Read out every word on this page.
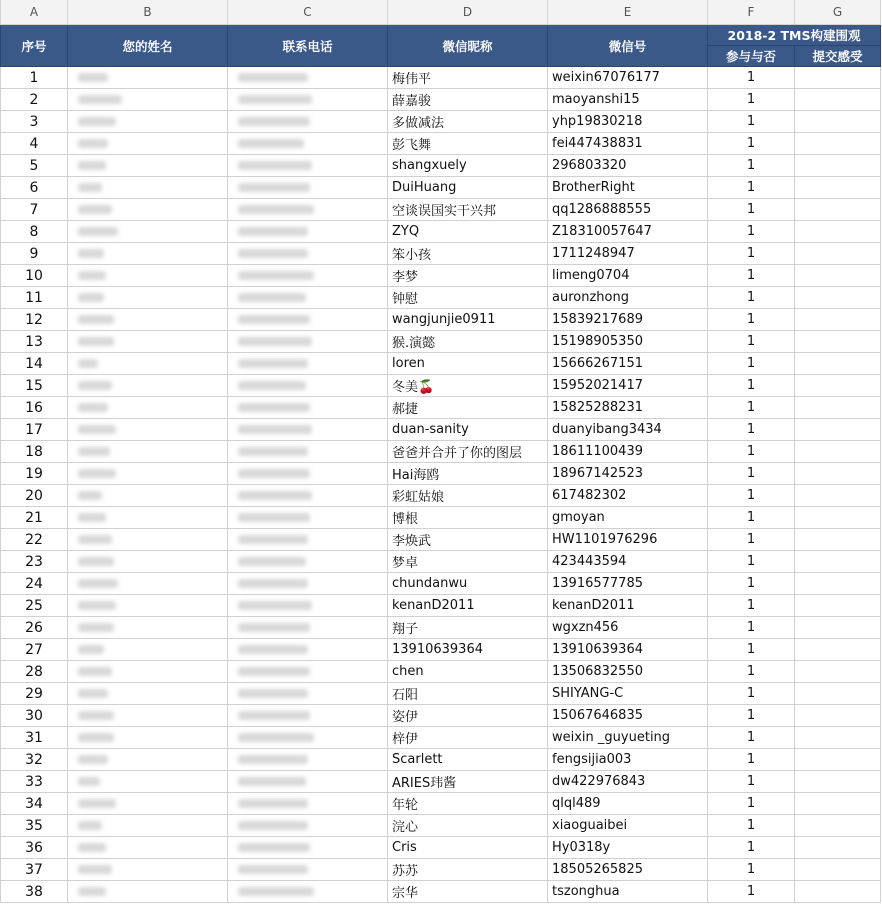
A	B	C	D	E	F	G
序号	您的姓名	联系电话	微信昵称	微信号	2018-2 TMS构建围观	
					参与与否	提交感受
1			梅伟平	weixin67076177	1	
2			薛嘉骏	maoyanshi15	1	
3			多做减法	yhp19830218	1	
4			彭飞舞	fei447438831	1	
5			shangxuely	296803320	1	
6			DuiHuang	BrotherRight	1	
7			空谈误国实干兴邦	qq1286888555	1	
8			ZYQ	Z18310057647	1	
9			笨小孩	1711248947	1	
10			李梦	limeng0704	1	
11			钟慰	auronzhong	1	
12			wangjunjie0911	15839217689	1	
13			猴.演懿	15198905350	1	
14			loren	15666267151	1	
15			冬美🍒	15952021417	1	
16			郝捷	15825288231	1	
17			duan-sanity	duanyibang3434	1	
18			爸爸并合并了你的图层	18611100439	1	
19			Hai海鸥	18967142523	1	
20			彩虹姑娘	617482302	1	
21			博根	gmoyan	1	
22			李焕武	HW1101976296	1	
23			梦卓	423443594	1	
24			chundanwu	13916577785	1	
25			kenanD2011	kenanD2011	1	
26			翔子	wgxzn456	1	
27			13910639364	13910639364	1	
28			chen	13506832550	1	
29			石阳	SHIYANG-C	1	
30			姿伊	15067646835	1	
31			梓伊	weixin _guyueting	1	
32			Scarlett	fengsijia003	1	
33			ARIES玮酱	dw422976843	1	
34			年轮	qlql489	1	
35			浣心	xiaoguaibei	1	
36			Cris	Hy0318y	1	
37			苏苏	18505265825	1	
38			宗华	tszonghua	1	
